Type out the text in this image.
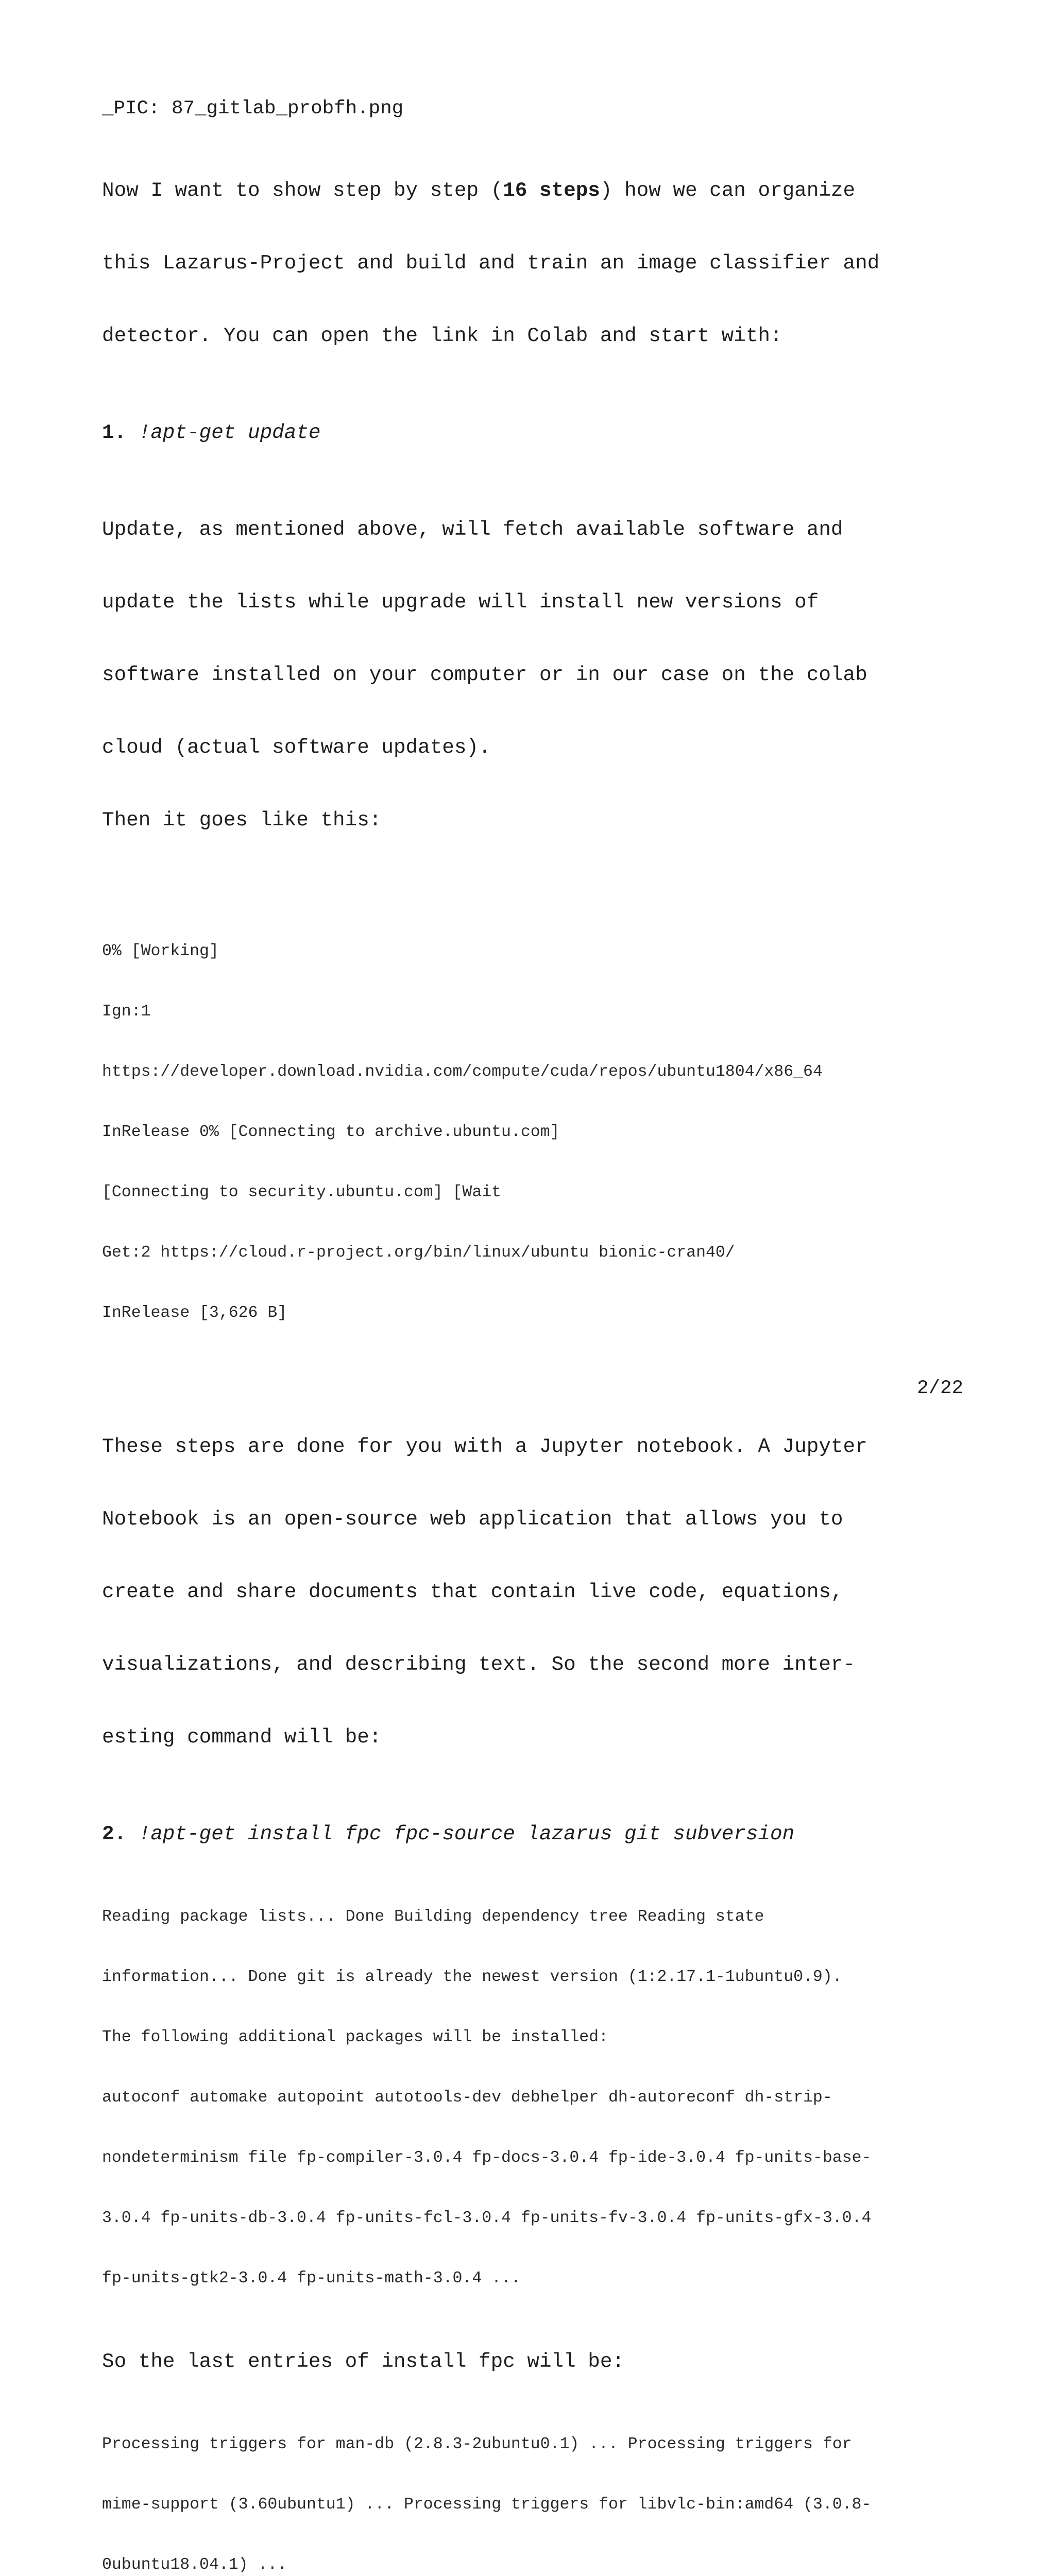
_PIC: 87_gitlab_probfh.png

Now I want to show step by step (16 steps) how we can organize

this Lazarus-Project and build and train an image classifier and

detector. You can open the link in Colab and start with:

1. !apt-get update

Update, as mentioned above, will fetch available software and

update the lists while upgrade will install new versions of

software installed on your computer or in our case on the colab

cloud (actual software updates).

Then it goes like this:

0% [Working]

Ign:1

https://developer.download.nvidia.com/compute/cuda/repos/ubuntu1804/x86_64

InRelease 0% [Connecting to archive.ubuntu.com]

[Connecting to security.ubuntu.com] [Wait

Get:2 https://cloud.r-project.org/bin/linux/ubuntu bionic-cran40/

InRelease [3,626 B]

These steps are done for you with a Jupyter notebook. A Jupyter

Notebook is an open-source web application that allows you to

create and share documents that contain live code, equations,

visualizations, and describing text. So the second more inter-

esting command will be:

2. !apt-get install fpc fpc-source lazarus git subversion

Reading package lists... Done Building dependency tree Reading state

information... Done git is already the newest version (1:2.17.1-1ubuntu0.9).

The following additional packages will be installed:

autoconf automake autopoint autotools-dev debhelper dh-autoreconf dh-strip-

nondeterminism file fp-compiler-3.0.4 fp-docs-3.0.4 fp-ide-3.0.4 fp-units-base-

3.0.4 fp-units-db-3.0.4 fp-units-fcl-3.0.4 fp-units-fv-3.0.4 fp-units-gfx-3.0.4

fp-units-gtk2-3.0.4 fp-units-math-3.0.4 ...

So the last entries of install fpc will be:

Processing triggers for man-db (2.8.3-2ubuntu0.1) ... Processing triggers for

mime-support (3.60ubuntu1) ... Processing triggers for libvlc-bin:amd64 (3.0.8-

0ubuntu18.04.1) ...

2/22
